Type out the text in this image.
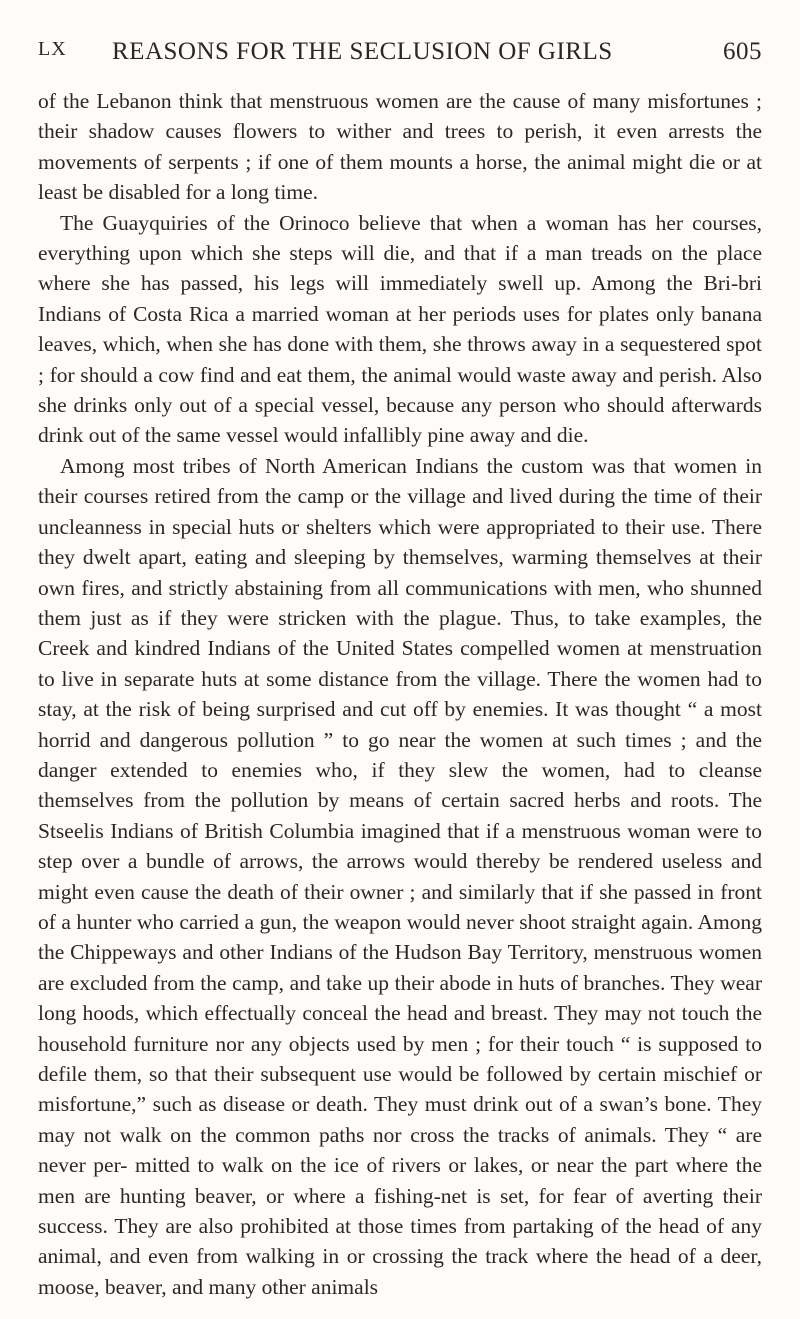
LX REASONS FOR THE SECLUSION OF GIRLS	605

of the Lebanon think that menstruous women are the cause of many misfortunes ; their shadow causes flowers to wither and trees to perish, it even arrests the movements of serpents ; if one of them mounts a horse, the animal might die or at least be disabled for a long time.

The Guayquiries of the Orinoco believe that when a woman has her courses, everything upon which she steps will die, and that if a man treads on the place where she has passed, his legs will immediately swell up. Among the Bri-bri Indians of Costa Rica a married woman at her periods uses for plates only banana leaves, which, when she has done with them, she throws away in a sequestered spot ; for should a cow find and eat them, the animal would waste away and perish. Also she drinks only out of a special vessel, because any person who should afterwards drink out of the same vessel would infallibly pine away and die.

Among most tribes of North American Indians the custom was that women in their courses retired from the camp or the village and lived during the time of their uncleanness in special huts or shelters which were appropriated to their use. There they dwelt apart, eating and sleeping by themselves, warming themselves at their own fires, and strictly abstaining from all communications with men, who shunned them just as if they were stricken with the plague. Thus, to take examples, the Creek and kindred Indians of the United States compelled women at menstruation to live in separate huts at some distance from the village. There the women had to stay, at the risk of being surprised and cut off by enemies. It was thought “ a most horrid and dangerous pollution ” to go near the women at such times ; and the danger extended to enemies who, if they slew the women, had to cleanse themselves from the pollution by means of certain sacred herbs and roots. The Stseelis Indians of British Columbia imagined that if a menstruous woman were to step over a bundle of arrows, the arrows would thereby be rendered useless and might even cause the death of their owner ; and similarly that if she passed in front of a hunter who carried a gun, the weapon would never shoot straight again. Among the Chippeways and other Indians of the Hudson Bay Territory, menstruous women are excluded from the camp, and take up their abode in huts of branches. They wear long hoods, which effectually conceal the head and breast. They may not touch the household furniture nor any objects used by men ; for their touch “ is supposed to defile them, so that their subsequent use would be followed by certain mischief or misfortune,” such as disease or death. They must drink out of a swan’s bone. They may not walk on the common paths nor cross the tracks of animals. They “ are never per- mitted to walk on the ice of rivers or lakes, or near the part where the men are hunting beaver, or where a fishing-net is set, for fear of averting their success. They are also prohibited at those times from partaking of the head of any animal, and even from walking in or crossing the track where the head of a deer, moose, beaver, and many other animals
